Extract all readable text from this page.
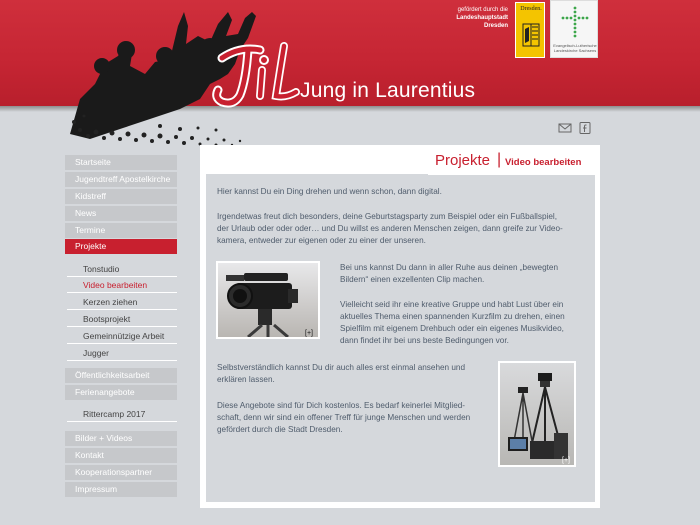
Jung in Laurentius
gefördert durch die
Landeshauptstadt
Dresden
Dresden.
Evangelisch-Lutherische Landeskirche Sachsens
Startseite
Jugendtreff Apostelkirche
Kidstreff
News
Termine
Projekte
Tonstudio
Video bearbeiten
Kerzen ziehen
Bootsprojekt
Gemeinnützige Arbeit
Jugger
Öffentlichkeitsarbeit
Ferienangebote
Rittercamp 2017
Bilder + Videos
Kontakt
Kooperationspartner
Impressum
Projekte | Video bearbeiten
Hier kannst Du ein Ding drehen und wenn schon, dann digital.
Irgendetwas freut dich besonders, deine Geburtstagsparty zum Beispiel oder ein Fußballspiel,
der Urlaub oder oder oder… und Du willst es anderen Menschen zeigen, dann greife zur Video-
kamera, entweder zur eigenen oder zu einer der unseren.
[+]
Bei uns kannst Du dann in aller Ruhe aus deinen „bewegten
Bildern“ einen exzellenten Clip machen.
Vielleicht seid ihr eine kreative Gruppe und habt Lust über ein
aktuelles Thema einen spannenden Kurzfilm zu drehen, einen
Spielfilm mit eigenem Drehbuch oder ein eigenes Musikvideo,
dann findet ihr bei uns beste Bedingungen vor.
Selbstverständlich kannst Du dir auch alles erst einmal ansehen und
erklären lassen.
Diese Angebote sind für Dich kostenlos. Es bedarf keinerlei Mitglied-
schaft, denn wir sind ein offener Treff für junge Menschen und werden
gefördert durch die Stadt Dresden.
[+]
